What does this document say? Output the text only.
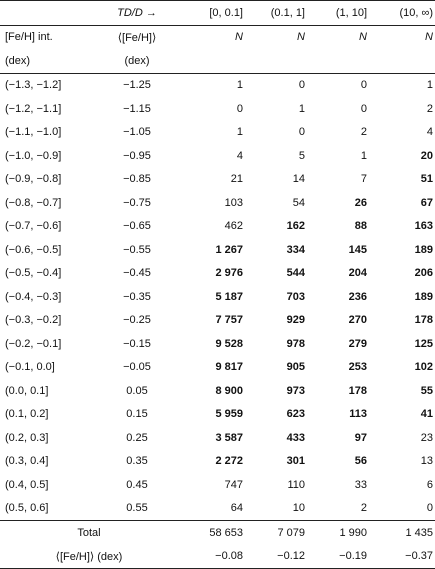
	TD/D →	[0, 0.1]	(0.1, 1]	(1, 10]	(10, ∞)
[Fe/H] int.	⟨[Fe/H]⟩	N	N	N	N
(dex)	(dex)				
(−1.3, −1.2]	−1.25	1	0	0	1
(−1.2, −1.1]	−1.15	0	1	0	2
(−1.1, −1.0]	−1.05	1	0	2	4
(−1.0, −0.9]	−0.95	4	5	1	20
(−0.9, −0.8]	−0.85	21	14	7	51
(−0.8, −0.7]	−0.75	103	54	26	67
(−0.7, −0.6]	−0.65	462	162	88	163
(−0.6, −0.5]	−0.55	1 267	334	145	189
(−0.5, −0.4]	−0.45	2 976	544	204	206
(−0.4, −0.3]	−0.35	5 187	703	236	189
(−0.3, −0.2]	−0.25	7 757	929	270	178
(−0.2, −0.1]	−0.15	9 528	978	279	125
(−0.1, 0.0]	−0.05	9 817	905	253	102
(0.0, 0.1]	0.05	8 900	973	178	55
(0.1, 0.2]	0.15	5 959	623	113	41
(0.2, 0.3]	0.25	3 587	433	97	23
(0.3, 0.4]	0.35	2 272	301	56	13
(0.4, 0.5]	0.45	747	110	33	6
(0.5, 0.6]	0.55	64	10	2	0
Total		58 653	7 079	1 990	1 435
⟨[Fe/H]⟩ (dex)		−0.08	−0.12	−0.19	−0.37
